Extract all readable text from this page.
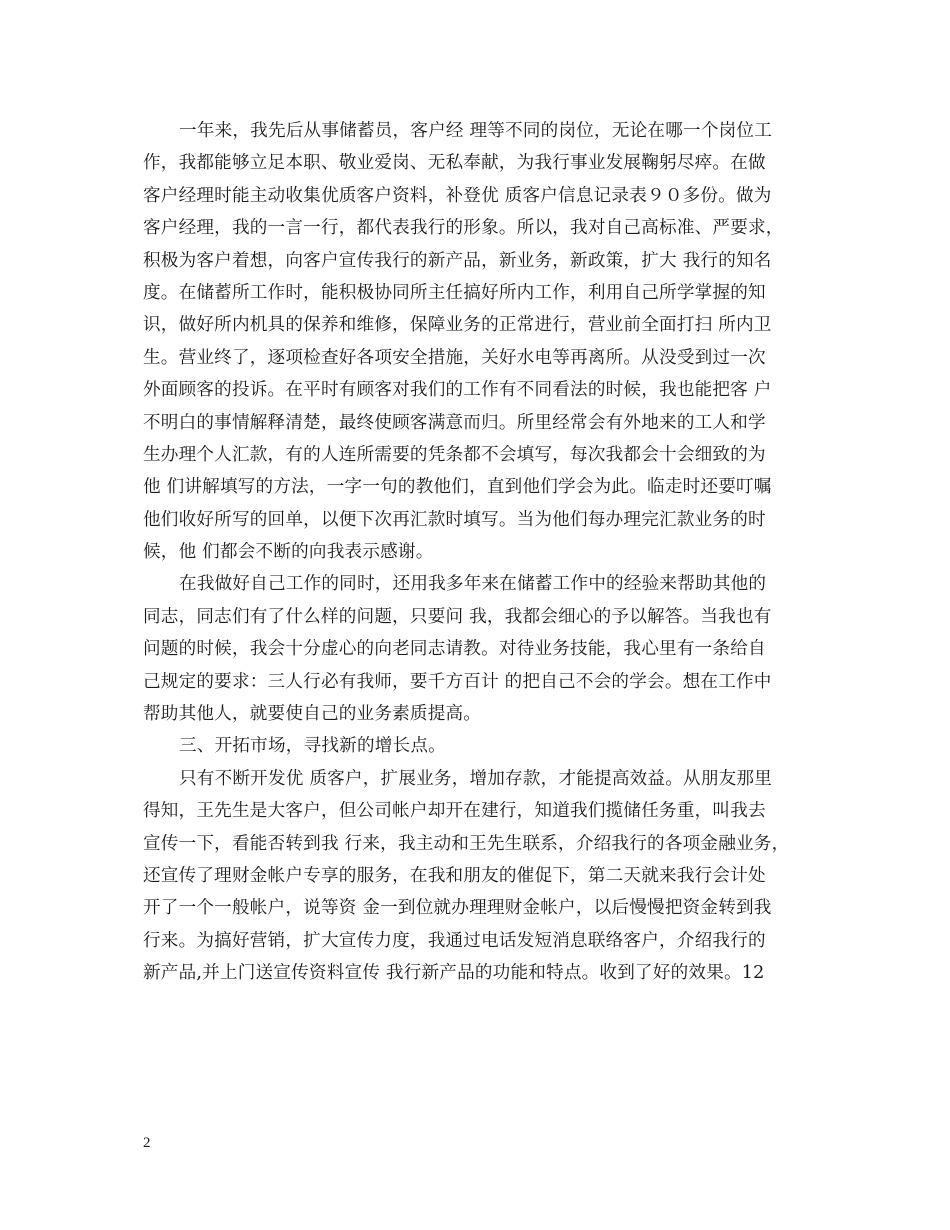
一年来，我先后从事储蓄员，客户经 理等不同的岗位，无论在哪一个岗位工
作，我都能够立足本职、敬业爱岗、无私奉献，为我行事业发展鞠躬尽瘁。在做
客户经理时能主动收集优质客户资料，补登优 质客户信息记录表９０多份。做为
客户经理，我的一言一行，都代表我行的形象。所以，我对自己高标准、严要求，
积极为客户着想，向客户宣传我行的新产品，新业务，新政策，扩大 我行的知名
度。在储蓄所工作时，能积极协同所主任搞好所内工作，利用自己所学掌握的知
识，做好所内机具的保养和维修，保障业务的正常进行，营业前全面打扫 所内卫
生。营业终了，逐项检查好各项安全措施，关好水电等再离所。从没受到过一次
外面顾客的投诉。在平时有顾客对我们的工作有不同看法的时候，我也能把客 户
不明白的事情解释清楚，最终使顾客满意而归。所里经常会有外地来的工人和学
生办理个人汇款，有的人连所需要的凭条都不会填写，每次我都会十会细致的为
他 们讲解填写的方法，一字一句的教他们，直到他们学会为此。临走时还要叮嘱
他们收好所写的回单，以便下次再汇款时填写。当为他们每办理完汇款业务的时
候，他 们都会不断的向我表示感谢。
在我做好自己工作的同时，还用我多年来在储蓄工作中的经验来帮助其他的
同志，同志们有了什么样的问题，只要问 我，我都会细心的予以解答。当我也有
问题的时候，我会十分虚心的向老同志请教。对待业务技能，我心里有一条给自
己规定的要求：三人行必有我师，要千方百计 的把自己不会的学会。想在工作中
帮助其他人，就要使自己的业务素质提高。
三、开拓市场，寻找新的增长点。
只有不断开发优 质客户，扩展业务，增加存款，才能提高效益。从朋友那里
得知，王先生是大客户，但公司帐户却开在建行，知道我们揽储任务重，叫我去
宣传一下，看能否转到我 行来，我主动和王先生联系，介绍我行的各项金融业务，
还宣传了理财金帐户专享的服务，在我和朋友的催促下，第二天就来我行会计处
开了一个一般帐户，说等资 金一到位就办理理财金帐户，以后慢慢把资金转到我
行来。为搞好营销，扩大宣传力度，我通过电话发短消息联络客户，介绍我行的
新产品,并上门送宣传资料宣传 我行新产品的功能和特点。收到了好的效果。12
2
